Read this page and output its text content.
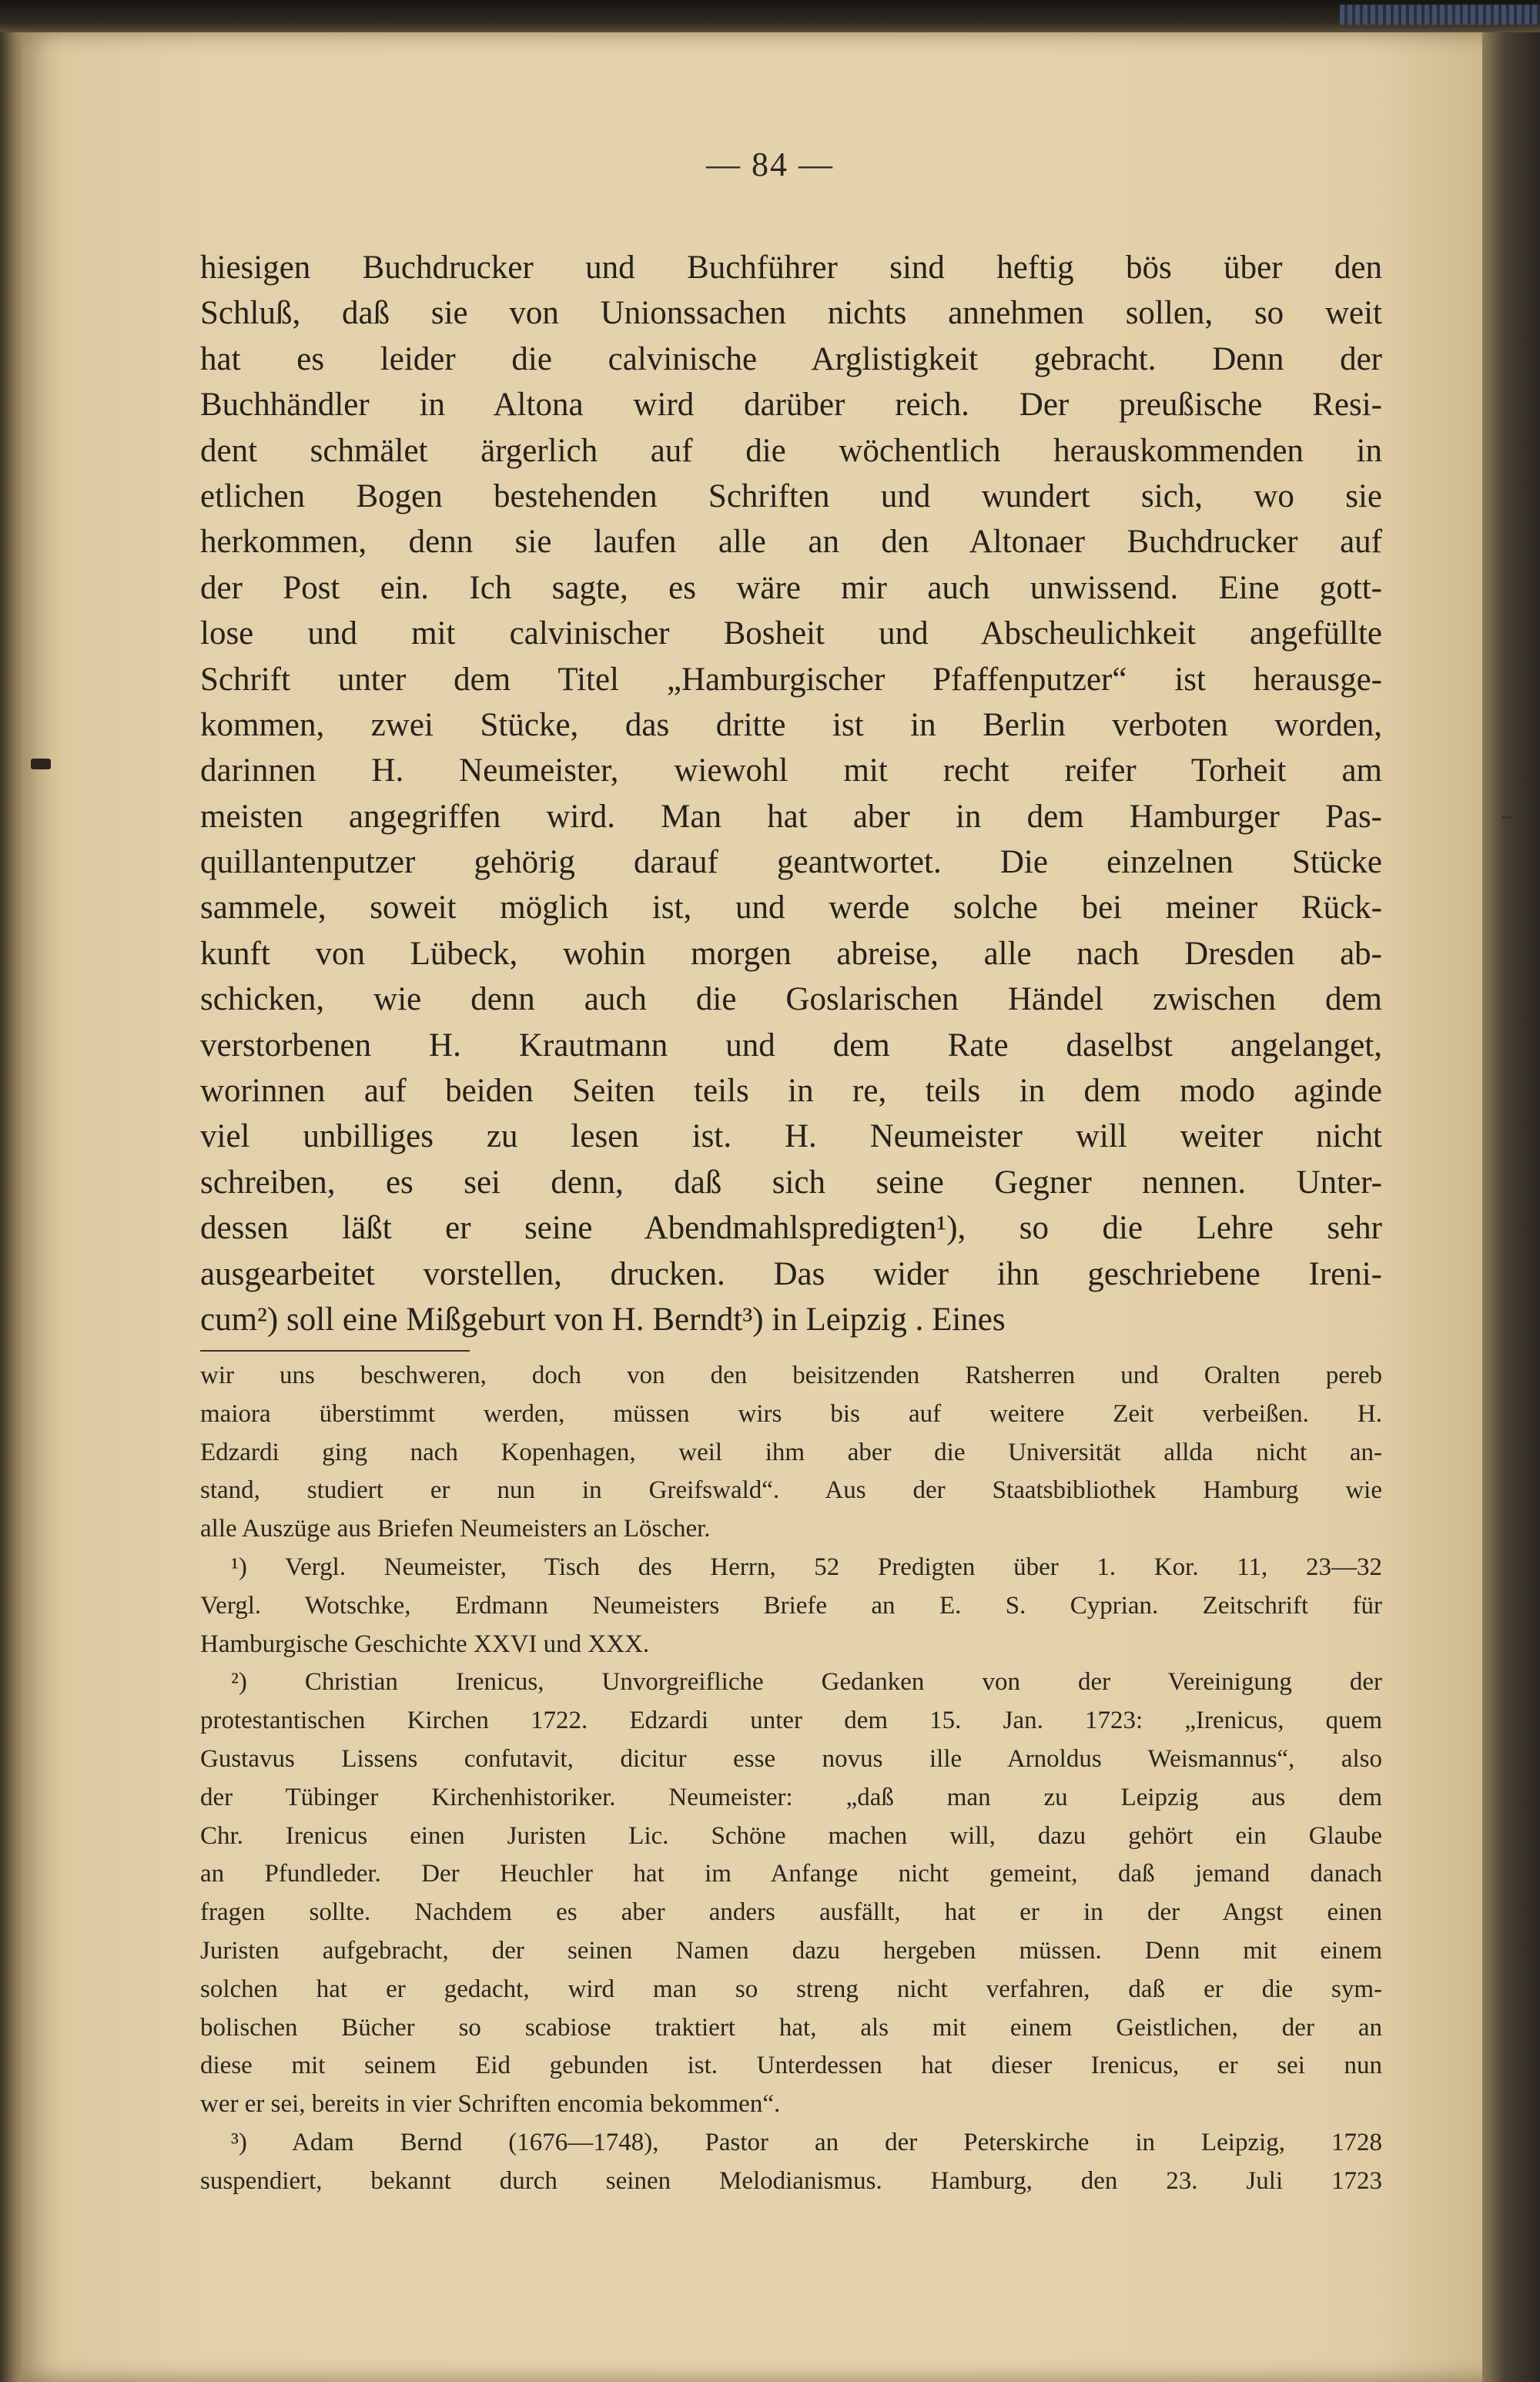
— 84 —
hiesigen Buchdrucker und Buchführer sind heftig bös über den
Schluß, daß sie von Unionssachen nichts annehmen sollen, so weit
hat es leider die calvinische Arglistigkeit gebracht. Denn der
Buchhändler in Altona wird darüber reich. Der preußische Resi-
dent schmälet ärgerlich auf die wöchentlich herauskommenden in
etlichen Bogen bestehenden Schriften und wundert sich, wo sie
herkommen, denn sie laufen alle an den Altonaer Buchdrucker auf
der Post ein. Ich sagte, es wäre mir auch unwissend. Eine gott-
lose und mit calvinischer Bosheit und Abscheulichkeit angefüllte
Schrift unter dem Titel „Hamburgischer Pfaffenputzer“ ist herausge-
kommen, zwei Stücke, das dritte ist in Berlin verboten worden,
darinnen H. Neumeister, wiewohl mit recht reifer Torheit am
meisten angegriffen wird. Man hat aber in dem Hamburger Pas-
quillantenputzer gehörig darauf geantwortet. Die einzelnen Stücke
sammele, soweit möglich ist, und werde solche bei meiner Rück-
kunft von Lübeck, wohin morgen abreise, alle nach Dresden ab-
schicken, wie denn auch die Goslarischen Händel zwischen dem
verstorbenen H. Krautmann und dem Rate daselbst angelanget,
worinnen auf beiden Seiten teils in re, teils in dem modo aginde
viel unbilliges zu lesen ist. H. Neumeister will weiter nicht
schreiben, es sei denn, daß sich seine Gegner nennen. Unter-
dessen läßt er seine Abendmahlspredigten¹), so die Lehre sehr
ausgearbeitet vorstellen, drucken. Das wider ihn geschriebene Ireni-
cum²) soll eine Mißgeburt von H. Berndt³) in Leipzig . Eines
wir uns beschweren, doch von den beisitzenden Ratsherren und Oralten pereb
maiora überstimmt werden, müssen wirs bis auf weitere Zeit verbeißen. H.
Edzardi ging nach Kopenhagen, weil ihm aber die Universität allda nicht an-
stand, studiert er nun in Greifswald“. Aus der Staatsbibliothek Hamburg wie
alle Auszüge aus Briefen Neumeisters an Löscher.
¹) Vergl. Neumeister, Tisch des Herrn, 52 Predigten über 1. Kor. 11, 23—32
Vergl. Wotschke, Erdmann Neumeisters Briefe an E. S. Cyprian. Zeitschrift für
Hamburgische Geschichte XXVI und XXX.
²) Christian Irenicus, Unvorgreifliche Gedanken von der Vereinigung der
protestantischen Kirchen 1722. Edzardi unter dem 15. Jan. 1723: „Irenicus, quem
Gustavus Lissens confutavit, dicitur esse novus ille Arnoldus Weismannus“, also
der Tübinger Kirchenhistoriker. Neumeister: „daß man zu Leipzig aus dem
Chr. Irenicus einen Juristen Lic. Schöne machen will, dazu gehört ein Glaube
an Pfundleder. Der Heuchler hat im Anfange nicht gemeint, daß jemand danach
fragen sollte. Nachdem es aber anders ausfällt, hat er in der Angst einen
Juristen aufgebracht, der seinen Namen dazu hergeben müssen. Denn mit einem
solchen hat er gedacht, wird man so streng nicht verfahren, daß er die sym-
bolischen Bücher so scabiose traktiert hat, als mit einem Geistlichen, der an
diese mit seinem Eid gebunden ist. Unterdessen hat dieser Irenicus, er sei nun
wer er sei, bereits in vier Schriften encomia bekommen“.
³) Adam Bernd (1676—1748), Pastor an der Peterskirche in Leipzig, 1728
suspendiert, bekannt durch seinen Melodianismus. Hamburg, den 23. Juli 1723
